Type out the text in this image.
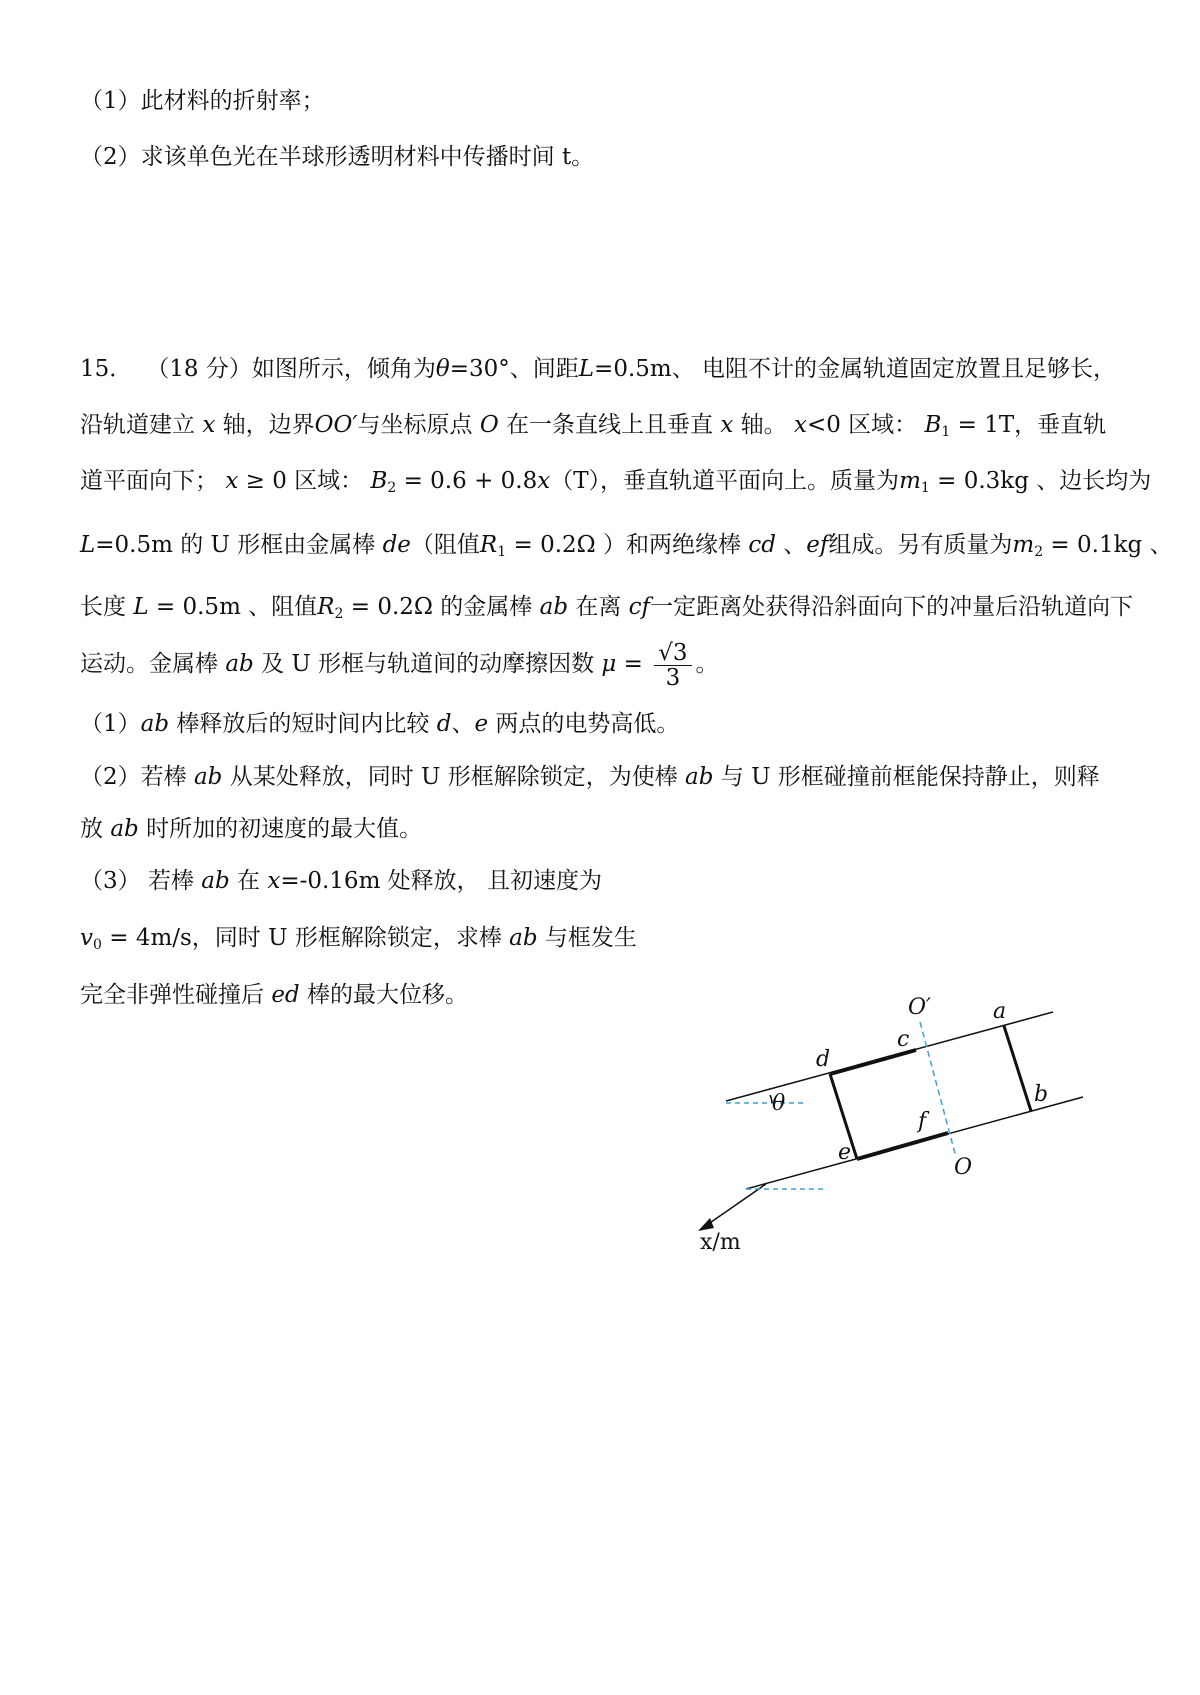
（1）此材料的折射率；
（2）求该单色光在半球形透明材料中传播时间 t。
15． （18 分）如图所示，倾角为θ=30°、间距L=0.5m、 电阻不计的金属轨道固定放置且足够长，
沿轨道建立 x 轴，边界OO′与坐标原点 O 在一条直线上且垂直 x 轴。 x<0 区域： $B_1 = 1T$，垂直轨
道平面向下； x ≥ 0 区域： $B_2 = 0.6 + 0.8x(T)$，垂直轨道平面向上。质量为$m_1 = 0.3kg$ 、边长均为
L=0.5m 的 U 形框由金属棒 de（阻值$R_1 = 0.2\Omega$ ）和两绝缘棒 cd 、ef组成。另有质量为$m_2 = 0.1kg$ 、
长度 L = 0.5m 、阻值$R_2 = 0.2\Omega$ 的金属棒 ab 在离 cf一定距离处获得沿斜面向下的冲量后沿轨道向下
运动。金属棒 ab 及 U 形框与轨道间的动摩擦因数 $\mu = \frac{√3}{3}$ 。
（1）ab 棒释放后的短时间内比较 d、e 两点的电势高低。
（2）若棒 ab 从某处释放，同时 U 形框解除锁定，为使棒 ab 与 U 形框碰撞前框能保持静止，则释
放 ab 时所加的初速度的最大值。
（3） 若棒 ab 在 x=-0.16m 处释放， 且初速度为
$v_0 = 4m/s$，同时 U 形框解除锁定，求棒 ab 与框发生
完全非弹性碰撞后 ed 棒的最大位移。	O′	a
c
d
θ	b
f
e
O
x/m
